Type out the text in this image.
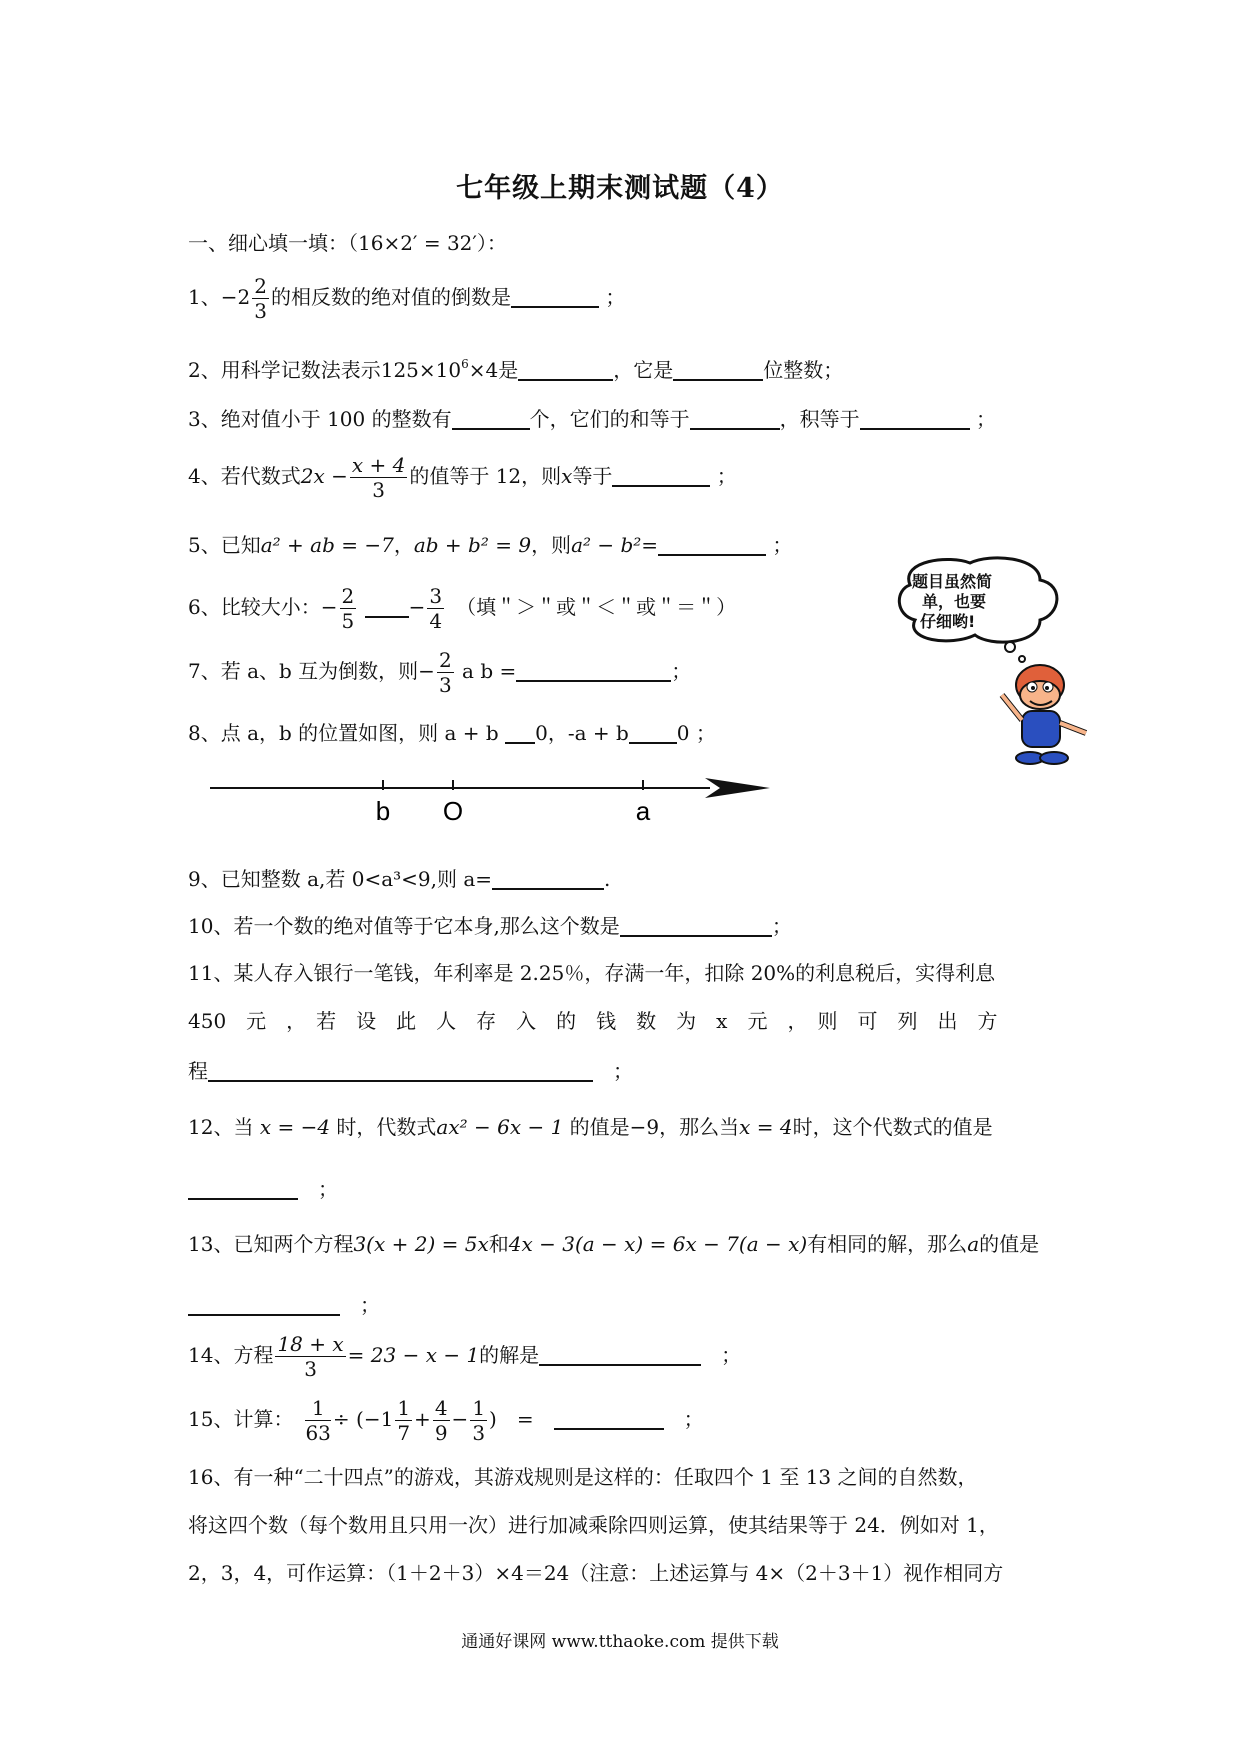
七年级上期末测试题（4）
一、细心填一填：（16×2′ = 32′）：
1、$-2 \frac{2}{3}$ 的相反数的绝对值的倒数是	；
2、用科学记数法表示$125\times 10^6\times 4$是	，它是	位整数；
3、绝对值小于 100 的整数有	个，它们的和等于	，积等于	；
4、若代数式$2x - \frac{x + 4}{3}$ 的值等于 12，则x等于	；
5、已知a² + ab = −7，ab + b² = 9，则a² − b²=	；
6、比较大小：− $\frac{2}{5}$	− $\frac{3}{4}$
　 （填＂＞＂或＂＜＂或＂＝＂）
7、若 a、b 互为倒数，则− $\frac{2}{3}$ a b =	；
8、点 a，b 的位置如图，则 a + b 0，-a + b 0 ；
b O	a
9、已知整数 a,若 0<a³<9,则 a=	.
10、若一个数的绝对值等于它本身,那么这个数是	；
11、某人存入银行一笔钱，年利率是 2.25％，存满一年，扣除 20%的利息税后，实得利息
450　元　，　若　设　此　人　存　入　的　钱　数　为　x　元　，　则　可　列　出　方
程　	；
12、当 x = −4 时，代数式ax² − 6x − 1 的值是−9，那么当x = 4时，这个代数式的值是
　；
13、已知两个方程3(x + 2) = 5x和4x − 3(a − x) = 6x − 7(a − x)有相同的解，那么a的值是
　；
14、方程 $\frac{18 + x}{3} = 23 - x - 1$的解是　	；
15、计算：　 $\frac{1}{63} \div (-1 \frac{1}{7} + \frac{4}{9} - \frac{1}{3}$ )　=　　	；
16、有一种“二十四点”的游戏，其游戏规则是这样的：任取四个 1 至 13 之间的自然数，
将这四个数（每个数用且只用一次）进行加减乘除四则运算，使其结果等于 24．例如对 1，
2，3，4，可作运算：（1＋2＋3）×4＝24（注意：上述运算与 4×（2＋3＋1）视作相同方
题目虽然简 单，也要 仔细哟!
通通好课网 www.tthaoke.com 提供下载
